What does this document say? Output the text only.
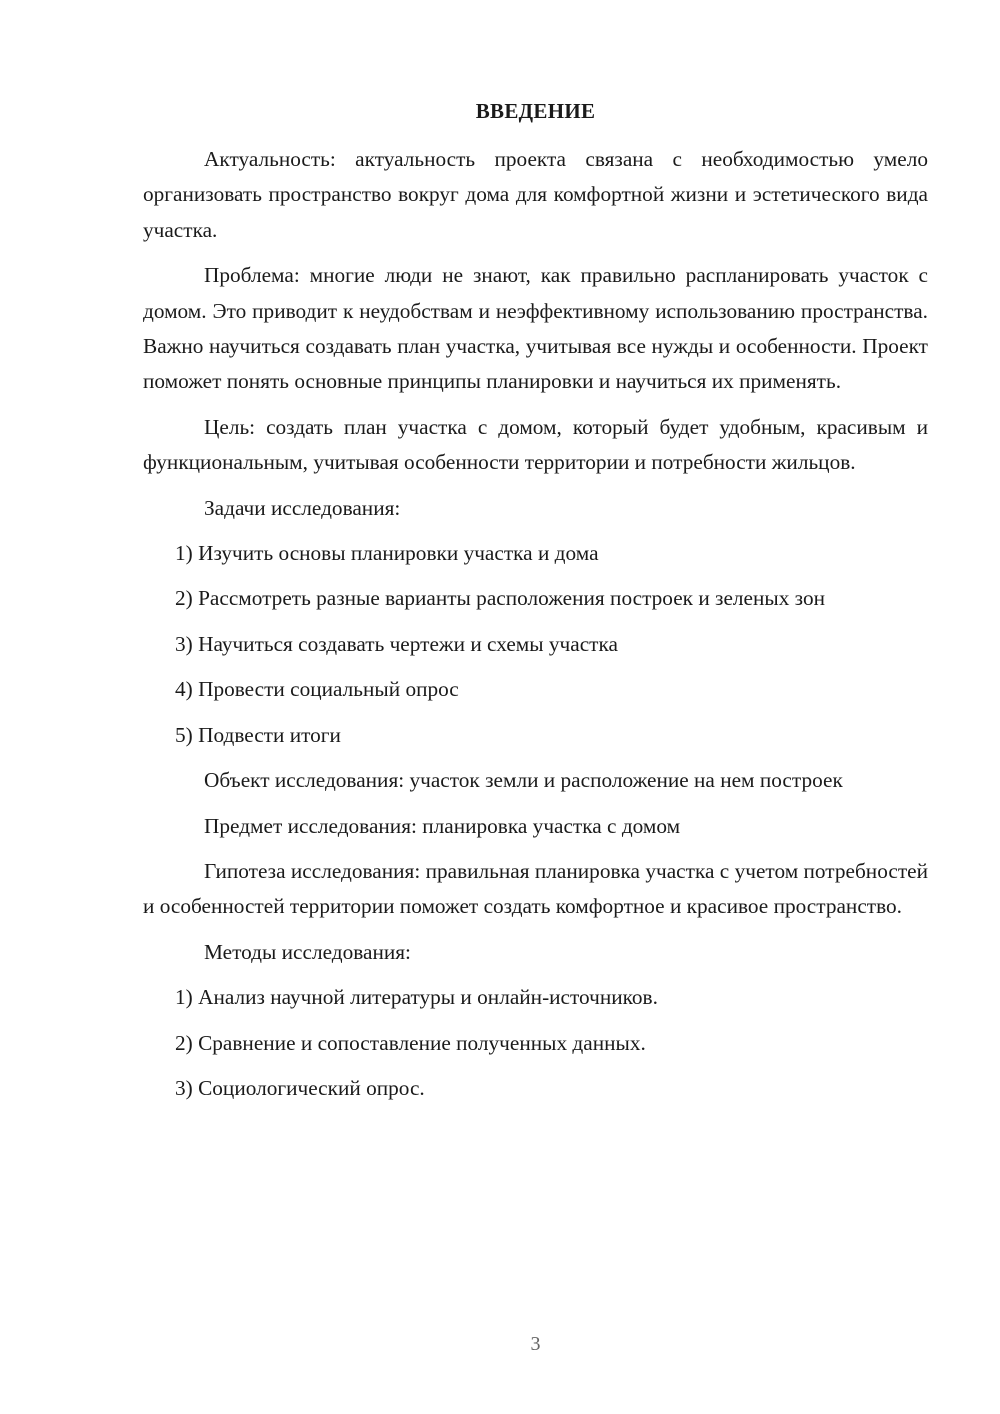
ВВЕДЕНИЕ

Актуальность: актуальность проекта связана с необходимостью умело организовать пространство вокруг дома для комфортной жизни и эстетического вида участка.

Проблема: многие люди не знают, как правильно распланировать участок с домом. Это приводит к неудобствам и неэффективному использованию пространства. Важно научиться создавать план участка, учитывая все нужды и особенности. Проект поможет понять основные принципы планировки и научиться их применять.

Цель: создать план участка с домом, который будет удобным, красивым и функциональным, учитывая особенности территории и потребности жильцов.

Задачи исследования:

1) Изучить основы планировки участка и дома

2) Рассмотреть разные варианты расположения построек и зеленых зон

3) Научиться создавать чертежи и схемы участка

4) Провести социальный опрос

5) Подвести итоги

Объект исследования: участок земли и расположение на нем построек

Предмет исследования: планировка участка с домом

Гипотеза исследования: правильная планировка участка с учетом потребностей и особенностей территории поможет создать комфортное и красивое пространство.

Методы исследования:

1) Анализ научной литературы и онлайн-источников.

2) Сравнение и сопоставление полученных данных.

3) Социологический опрос.

3
